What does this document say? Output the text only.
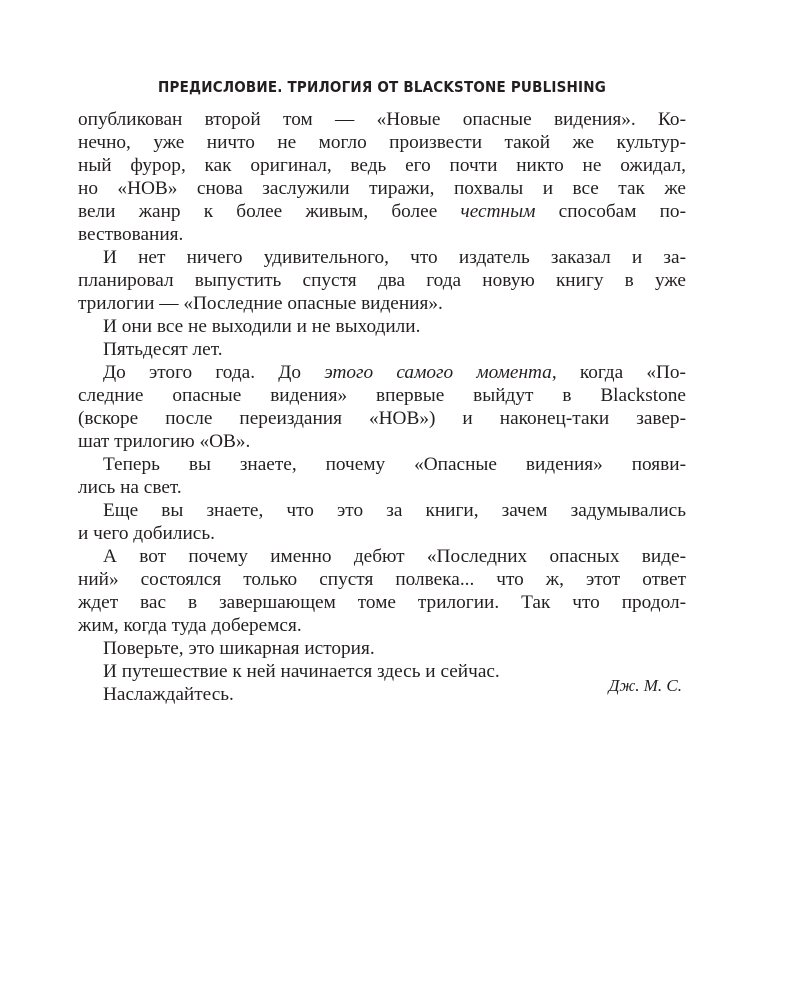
ПРЕДИСЛОВИЕ. ТРИЛОГИЯ ОТ BLACKSTONE PUBLISHING
опубликован второй том — «Новые опасные видения». Ко-
нечно, уже ничто не могло произвести такой же культур-
ный фурор, как оригинал, ведь его почти никто не ожидал,
но «НОВ» снова заслужили тиражи, похвалы и все так же
вели жанр к более живым, более честным способам по-
вествования.
И нет ничего удивительного, что издатель заказал и за-
планировал выпустить спустя два года новую книгу в уже
трилогии — «Последние опасные видения».
И они все не выходили и не выходили.
Пятьдесят лет.
До этого года. До этого самого момента, когда «По-
следние опасные видения» впервые выйдут в Blackstone
(вскоре после переиздания «НОВ») и наконец-таки завер-
шат трилогию «ОВ».
Теперь вы знаете, почему «Опасные видения» появи-
лись на свет.
Еще вы знаете, что это за книги, зачем задумывались
и чего добились.
А вот почему именно дебют «Последних опасных виде-
ний» состоялся только спустя полвека... что ж, этот ответ
ждет вас в завершающем томе трилогии. Так что продол-
жим, когда туда доберемся.
Поверьте, это шикарная история.
И путешествие к ней начинается здесь и сейчас.
Наслаждайтесь.	Дж. М. С.
